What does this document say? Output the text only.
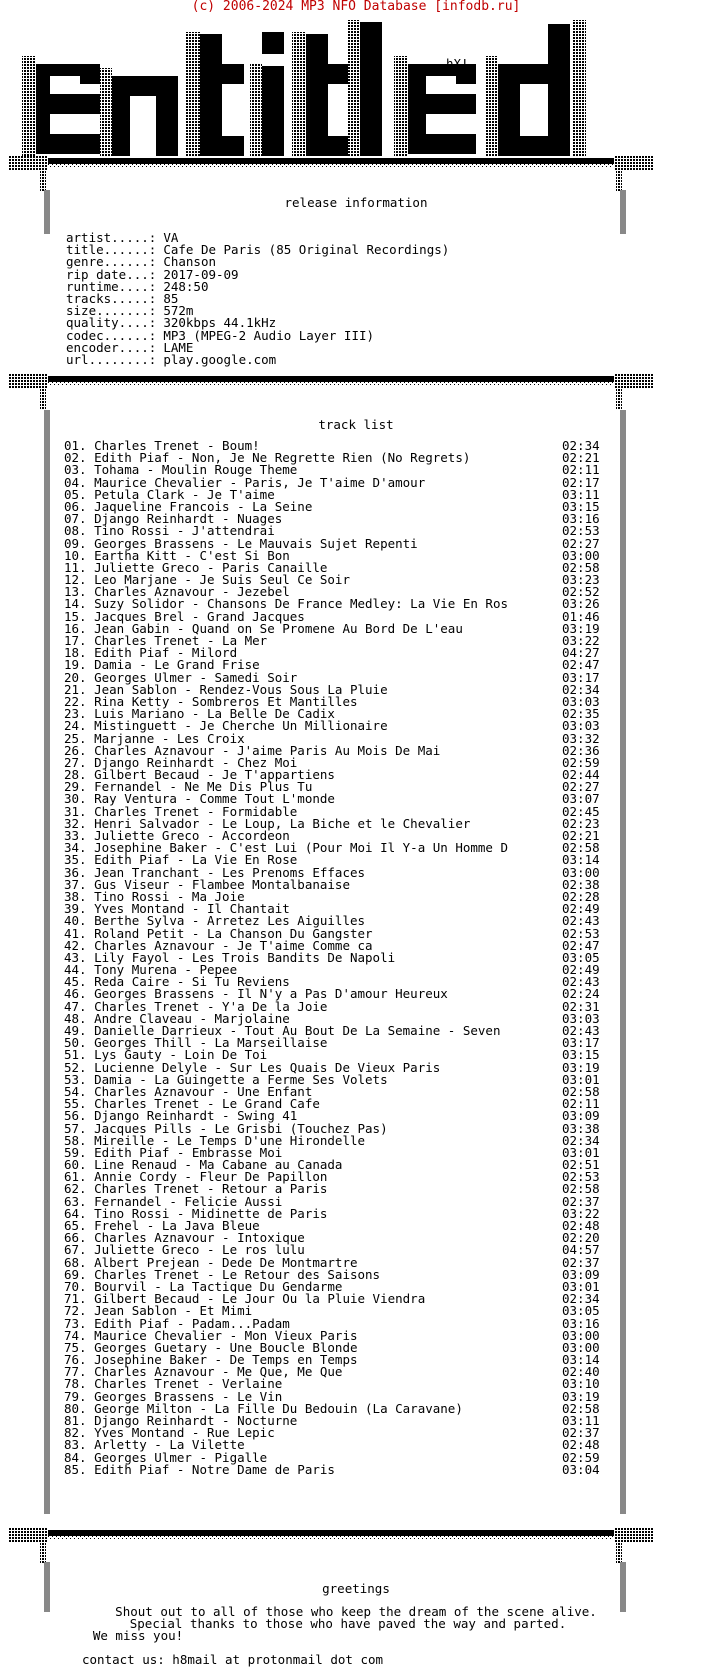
(c) 2006-2024 MP3 NFO Database [infodb.ru]
hX!
release information
artist.....: VA
title......: Cafe De Paris (85 Original Recordings)
genre......: Chanson
rip date...: 2017-09-09
runtime....: 248:50
tracks.....: 85
size.......: 572m
quality....: 320kbps 44.1kHz
codec......: MP3 (MPEG-2 Audio Layer III)
encoder....: LAME
url........: play.google.com
track list
01. Charles Trenet - Boum!	02:34
02. Edith Piaf - Non, Je Ne Regrette Rien (No Regrets)	02:21
03. Tohama - Moulin Rouge Theme	02:11
04. Maurice Chevalier - Paris, Je T'aime D'amour	02:17
05. Petula Clark - Je T'aime	03:11
06. Jaqueline Francois - La Seine	03:15
07. Django Reinhardt - Nuages	03:16
08. Tino Rossi - J'attendrai	02:53
09. Georges Brassens - Le Mauvais Sujet Repenti	02:27
10. Eartha Kitt - C'est Si Bon	03:00
11. Juliette Greco - Paris Canaille	02:58
12. Leo Marjane - Je Suis Seul Ce Soir	03:23
13. Charles Aznavour - Jezebel	02:52
14. Suzy Solidor - Chansons De France Medley: La Vie En Ros	03:26
15. Jacques Brel - Grand Jacques	01:46
16. Jean Gabin - Quand on Se Promene Au Bord De L'eau	03:19
17. Charles Trenet - La Mer	03:22
18. Edith Piaf - Milord	04:27
19. Damia - Le Grand Frise	02:47
20. Georges Ulmer - Samedi Soir	03:17
21. Jean Sablon - Rendez-Vous Sous La Pluie	02:34
22. Rina Ketty - Sombreros Et Mantilles	03:03
23. Luis Mariano - La Belle De Cadix	02:35
24. Mistinguett - Je Cherche Un Millionaire	03:03
25. Marjanne - Les Croix	03:32
26. Charles Aznavour - J'aime Paris Au Mois De Mai	02:36
27. Django Reinhardt - Chez Moi	02:59
28. Gilbert Becaud - Je T'appartiens	02:44
29. Fernandel - Ne Me Dis Plus Tu	02:27
30. Ray Ventura - Comme Tout L'monde	03:07
31. Charles Trenet - Formidable	02:45
32. Henri Salvador - Le Loup, La Biche et le Chevalier	02:23
33. Juliette Greco - Accordeon	02:21
34. Josephine Baker - C'est Lui (Pour Moi Il Y-a Un Homme D	02:58
35. Edith Piaf - La Vie En Rose	03:14
36. Jean Tranchant - Les Prenoms Effaces	03:00
37. Gus Viseur - Flambee Montalbanaise	02:38
38. Tino Rossi - Ma Joie	02:28
39. Yves Montand - Il Chantait	02:49
40. Berthe Sylva - Arretez Les Aiguilles	02:43
41. Roland Petit - La Chanson Du Gangster	02:53
42. Charles Aznavour - Je T'aime Comme ca	02:47
43. Lily Fayol - Les Trois Bandits De Napoli	03:05
44. Tony Murena - Pepee	02:49
45. Reda Caire - Si Tu Reviens	02:43
46. Georges Brassens - Il N'y a Pas D'amour Heureux	02:24
47. Charles Trenet - Y'a De la Joie	02:31
48. Andre Claveau - Marjolaine	03:03
49. Danielle Darrieux - Tout Au Bout De La Semaine - Seven	02:43
50. Georges Thill - La Marseillaise	03:17
51. Lys Gauty - Loin De Toi	03:15
52. Lucienne Delyle - Sur Les Quais De Vieux Paris	03:19
53. Damia - La Guingette a Ferme Ses Volets	03:01
54. Charles Aznavour - Une Enfant	02:58
55. Charles Trenet - Le Grand Cafe	02:11
56. Django Reinhardt - Swing 41	03:09
57. Jacques Pills - Le Grisbi (Touchez Pas)	03:38
58. Mireille - Le Temps D'une Hirondelle	02:34
59. Edith Piaf - Embrasse Moi	03:01
60. Line Renaud - Ma Cabane au Canada	02:51
61. Annie Cordy - Fleur De Papillon	02:53
62. Charles Trenet - Retour a Paris	02:58
63. Fernandel - Felicie Aussi	02:37
64. Tino Rossi - Midinette de Paris	03:22
65. Frehel - La Java Bleue	02:48
66. Charles Aznavour - Intoxique	02:20
67. Juliette Greco - Le ros lulu	04:57
68. Albert Prejean - Dede De Montmartre	02:37
69. Charles Trenet - Le Retour des Saisons	03:09
70. Bourvil - La Tactique Du Gendarme	03:01
71. Gilbert Becaud - Le Jour Ou la Pluie Viendra	02:34
72. Jean Sablon - Et Mimi	03:05
73. Edith Piaf - Padam...Padam	03:16
74. Maurice Chevalier - Mon Vieux Paris	03:00
75. Georges Guetary - Une Boucle Blonde	03:00
76. Josephine Baker - De Temps en Temps	03:14
77. Charles Aznavour - Me Que, Me Que	02:40
78. Charles Trenet - Verlaine	03:10
79. Georges Brassens - Le Vin	03:19
80. George Milton - La Fille Du Bedouin (La Caravane)	02:58
81. Django Reinhardt - Nocturne	03:11
82. Yves Montand - Rue Lepic	02:37
83. Arletty - La Vilette	02:48
84. Georges Ulmer - Pigalle	02:59
85. Edith Piaf - Notre Dame de Paris	03:04
greetings
Shout out to all of those who keep the dream of the scene alive.
Special thanks to those who have paved the way and parted.
We miss you!
contact us: h8mail at protonmail dot com
